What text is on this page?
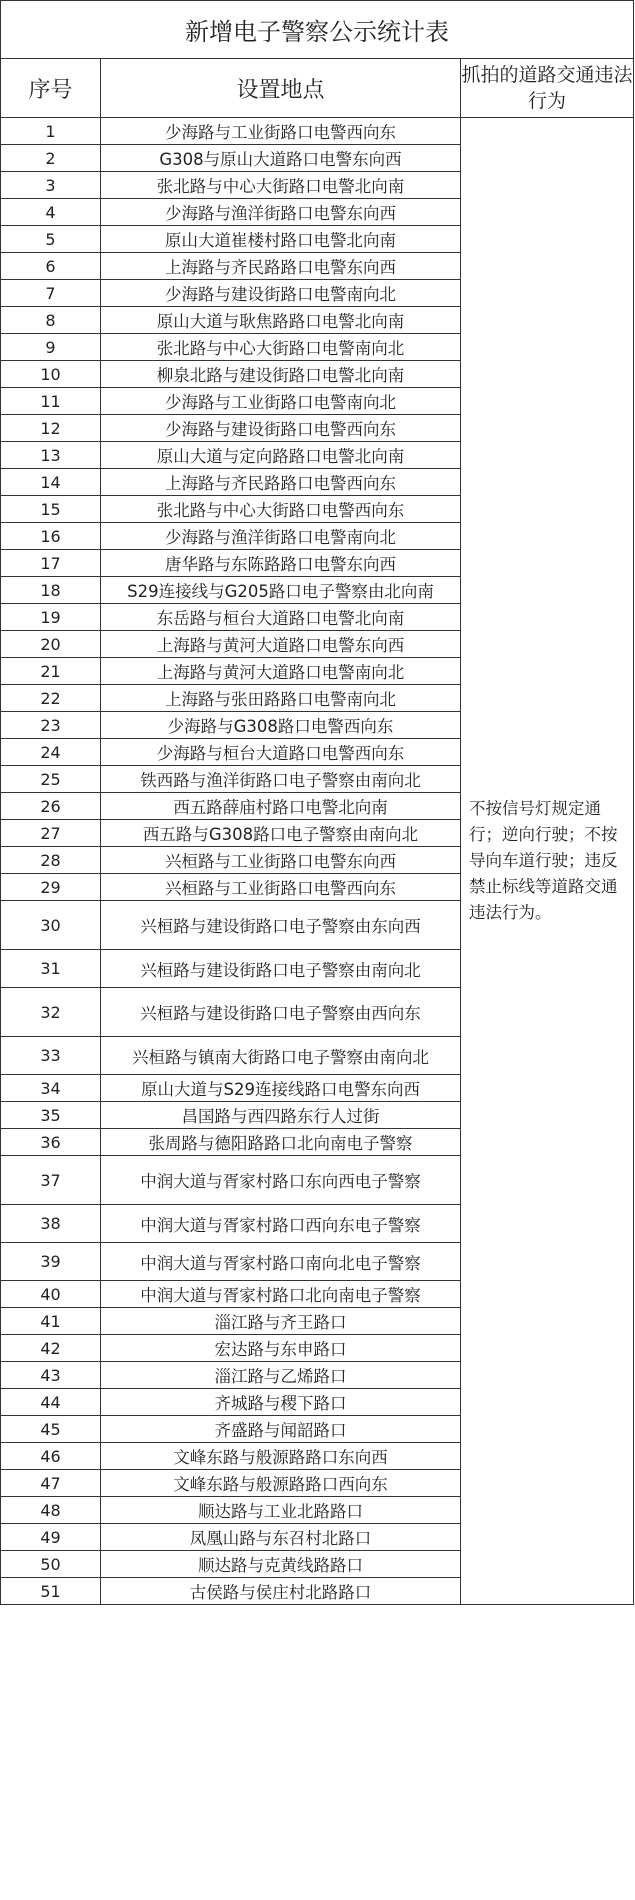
新增电子警察公示统计表		
序号	设置地点	抓拍的道路交通违法行为
1	少海路与工业街路口电警西向东	不按信号灯规定通行；逆向行驶；不按导向车道行驶；违反禁止标线等道路交通违法行为。
2	G308与原山大道路口电警东向西	
3	张北路与中心大街路口电警北向南	
4	少海路与渔洋街路口电警东向西	
5	原山大道崔楼村路口电警北向南	
6	上海路与齐民路路口电警东向西	
7	少海路与建设街路口电警南向北	
8	原山大道与耿焦路路口电警北向南	
9	张北路与中心大街路口电警南向北	
10	柳泉北路与建设街路口电警北向南	
11	少海路与工业街路口电警南向北	
12	少海路与建设街路口电警西向东	
13	原山大道与定向路路口电警北向南	
14	上海路与齐民路路口电警西向东	
15	张北路与中心大街路口电警西向东	
16	少海路与渔洋街路口电警南向北	
17	唐华路与东陈路路口电警东向西	
18	S29连接线与G205路口电子警察由北向南	
19	东岳路与桓台大道路口电警北向南	
20	上海路与黄河大道路口电警东向西	
21	上海路与黄河大道路口电警南向北	
22	上海路与张田路路口电警南向北	
23	少海路与G308路口电警西向东	
24	少海路与桓台大道路口电警西向东	
25	铁西路与渔洋街路口电子警察由南向北	
26	西五路薛庙村路口电警北向南	
27	西五路与G308路口电子警察由南向北	
28	兴桓路与工业街路口电警东向西	
29	兴桓路与工业街路口电警西向东	
30	兴桓路与建设街路口电子警察由东向西	
31	兴桓路与建设街路口电子警察由南向北	
32	兴桓路与建设街路口电子警察由西向东	
33	兴桓路与镇南大街路口电子警察由南向北	
34	原山大道与S29连接线路口电警东向西	
35	昌国路与西四路东行人过街	
36	张周路与德阳路路口北向南电子警察	
37	中润大道与胥家村路口东向西电子警察	
38	中润大道与胥家村路口西向东电子警察	
39	中润大道与胥家村路口南向北电子警察	
40	中润大道与胥家村路口北向南电子警察	
41	淄江路与齐王路口	
42	宏达路与东申路口	
43	淄江路与乙烯路口	
44	齐城路与稷下路口	
45	齐盛路与闻韶路口	
46	文峰东路与般源路路口东向西	
47	文峰东路与般源路路口西向东	
48	顺达路与工业北路路口	
49	凤凰山路与东召村北路口	
50	顺达路与克黄线路路口	
51	古侯路与侯庄村北路路口	
